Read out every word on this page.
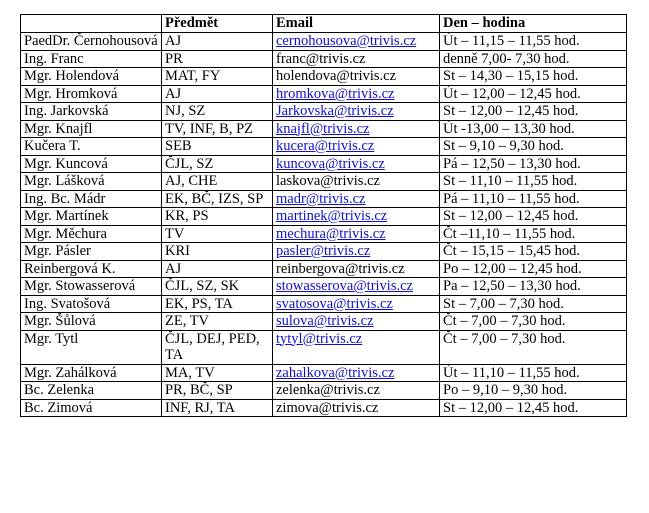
	Předmět	Email	Den – hodina
PaedDr. Černohousová	AJ	cernohousova@trivis.cz	Út – 11,15 – 11,55 hod.
Ing. Franc	PR	franc@trivis.cz	denně 7,00- 7,30 hod.
Mgr. Holendová	MAT, FY	holendova@trivis.cz	St – 14,30 – 15,15 hod.
Mgr. Hromková	AJ	hromkova@trivis.cz	Út – 12,00 – 12,45 hod.
Ing. Jarkovská	NJ, SZ	Jarkovska@trivis.cz	St – 12,00 – 12,45 hod.
Mgr. Knajfl	TV, INF, B, PZ	knajfl@trivis.cz	Út -13,00 – 13,30 hod.
Kučera T.	SEB	kucera@trivis.cz	St – 9,10 – 9,30 hod.
Mgr. Kuncová	ČJL, SZ	kuncova@trivis.cz	Pá – 12,50 – 13,30 hod.
Mgr. Lášková	AJ, CHE	laskova@trivis.cz	St – 11,10 – 11,55 hod.
Ing. Bc. Mádr	EK, BČ, IZS, SP	madr@trivis.cz	Pá – 11,10 – 11,55 hod.
Mgr. Martínek	KR, PS	martinek@trivis.cz	St – 12,00 – 12,45 hod.
Mgr. Měchura	TV	mechura@trivis.cz	Čt –11,10 – 11,55 hod.
Mgr. Pásler	KRI	pasler@trivis.cz	Čt – 15,15 – 15,45 hod.
Reinbergová K.	AJ	reinbergova@trivis.cz	Po – 12,00 – 12,45 hod.
Mgr. Stowasserová	ČJL, SZ, SK	stowasserova@trivis.cz	Pa – 12,50 – 13,30 hod.
Ing. Svatošová	EK, PS, TA	svatosova@trivis.cz	St – 7,00 – 7,30 hod.
Mgr. Šůlová	ZE, TV	sulova@trivis.cz	Čt – 7,00 – 7,30 hod.
Mgr. Tytl	ČJL, DEJ, PED, TA	tytyl@trivis.cz	Čt – 7,00 – 7,30 hod.
Mgr. Zahálková	MA, TV	zahalkova@trivis.cz	Út – 11,10 – 11,55 hod.
Bc. Zelenka	PR, BČ, SP	zelenka@trivis.cz	Po – 9,10 – 9,30 hod.
Bc. Zimová	INF, RJ, TA	zimova@trivis.cz	St – 12,00 – 12,45 hod.
